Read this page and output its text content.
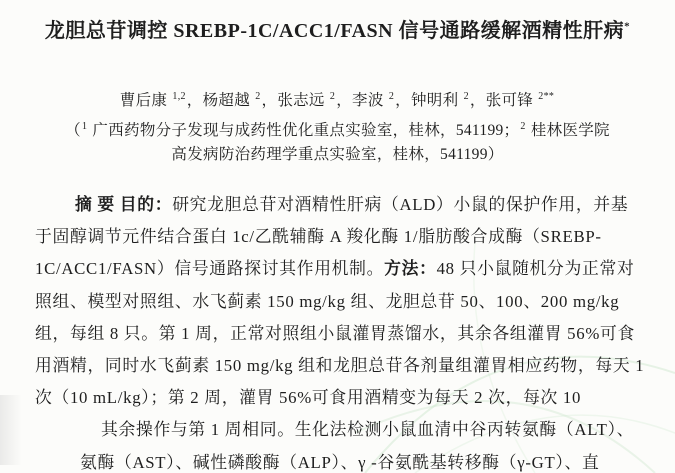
龙胆总苷调控 SREBP-1C/ACC1/FASN 信号通路缓解酒精性肝病*
曹后康 $^{1,2}$，杨超越 $^2$，张志远 $^2$，李波 $^2$，钟明利 $^2$，张可锋 $^{2**}$
（$^1$ 广西药物分子发现与成药性优化重点实验室，桂林，541199；$^2$ 桂林医学院
高发病防治药理学重点实验室，桂林，541199）
摘 要 目的：研究龙胆总苷对酒精性肝病（ALD）小鼠的保护作用，并基
于固醇调节元件结合蛋白 1c/乙酰辅酶 A 羧化酶 1/脂肪酸合成酶（SREBP-
1C/ACC1/FASN）信号通路探讨其作用机制。方法：48 只小鼠随机分为正常对
照组、模型对照组、水飞蓟素 150 mg/kg 组、龙胆总苷 50、100、200 mg/kg
组，每组 8 只。第 1 周，正常对照组小鼠灌胃蒸馏水，其余各组灌胃 56%可食
用酒精，同时水飞蓟素 150 mg/kg 组和龙胆总苷各剂量组灌胃相应药物，每天 1
次（10 mL/kg）；第 2 周，灌胃 56%可食用酒精变为每天 2 次，每次 10
其余操作与第 1 周相同。生化法检测小鼠血清中谷丙转氨酶（ALT）、
氨酶（AST）、碱性磷酸酶（ALP）、γ -谷氨酰基转移酶（γ-GT）、直
